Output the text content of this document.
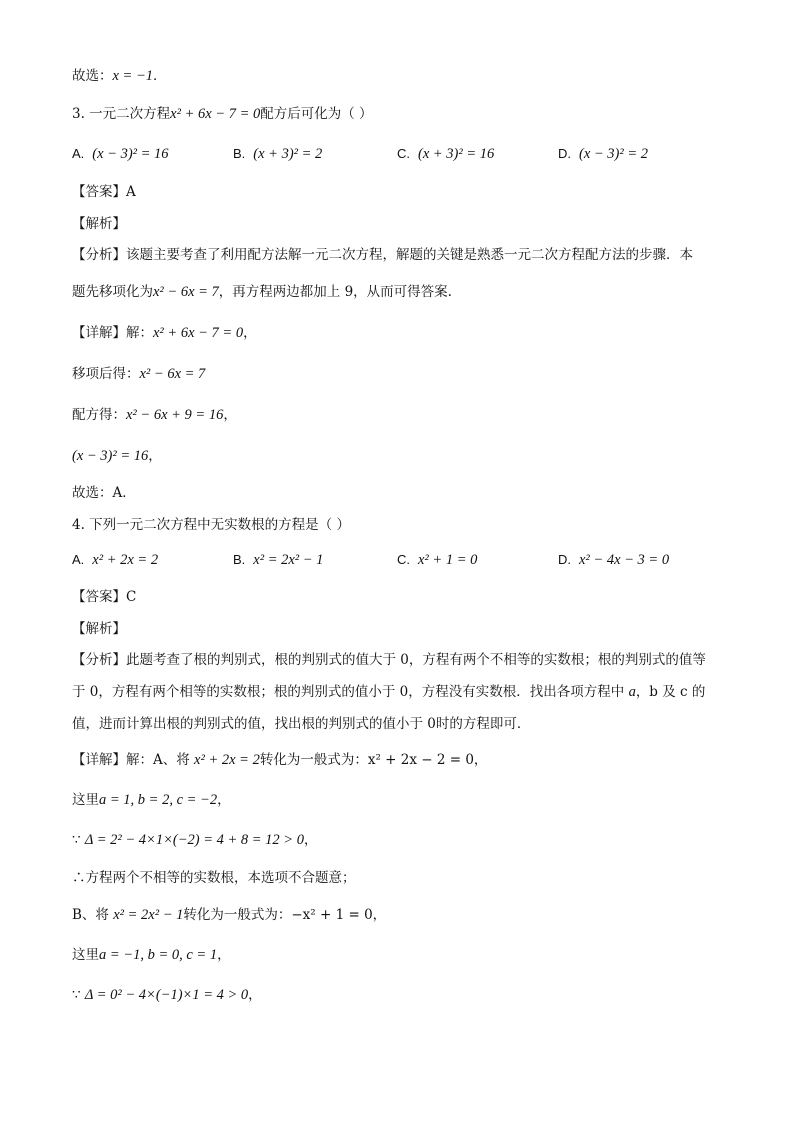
故选：x = −1．
3. 一元二次方程x² + 6x − 7 = 0配方后可化为（ ）
【答案】A
【解析】
【分析】该题主要考查了利用配方法解一元二次方程，解题的关键是熟悉一元二次方程配方法的步骤．本
题先移项化为x² − 6x = 7，再方程两边都加上 9，从而可得答案.
【详解】解：x² + 6x − 7 = 0，
移项后得：x² − 6x = 7
配方得：x² − 6x + 9 = 16，
(x − 3)² = 16，
故选：A．
4. 下列一元二次方程中无实数根的方程是（ ）
【答案】C
【解析】
【分析】此题考查了根的判别式，根的判别式的值大于 0，方程有两个不相等的实数根；根的判别式的值等
于 0，方程有两个相等的实数根；根的判别式的值小于 0，方程没有实数根．找出各项方程中 a，b 及 c 的
值，进而计算出根的判别式的值，找出根的判别式的值小于 0时的方程即可．
【详解】解：A、将 x² + 2x = 2转化为一般式为：x² + 2x − 2 = 0，
这里a = 1, b = 2, c = −2，
∵ Δ = 2² − 4×1×(−2) = 4 + 8 = 12 > 0，
∴方程两个不相等的实数根，本选项不合题意；
B、将 x² = 2x² − 1转化为一般式为：−x² + 1 = 0，
这里a = −1, b = 0, c = 1，
∵ Δ = 0² − 4×(−1)×1 = 4 > 0，
A. (x − 3)² = 16	B. (x + 3)² = 2	C. (x + 3)² = 16	D. (x − 3)² = 2
A. x² + 2x = 2	B. x² = 2x² − 1	C. x² + 1 = 0	D. x² − 4x − 3 = 0
